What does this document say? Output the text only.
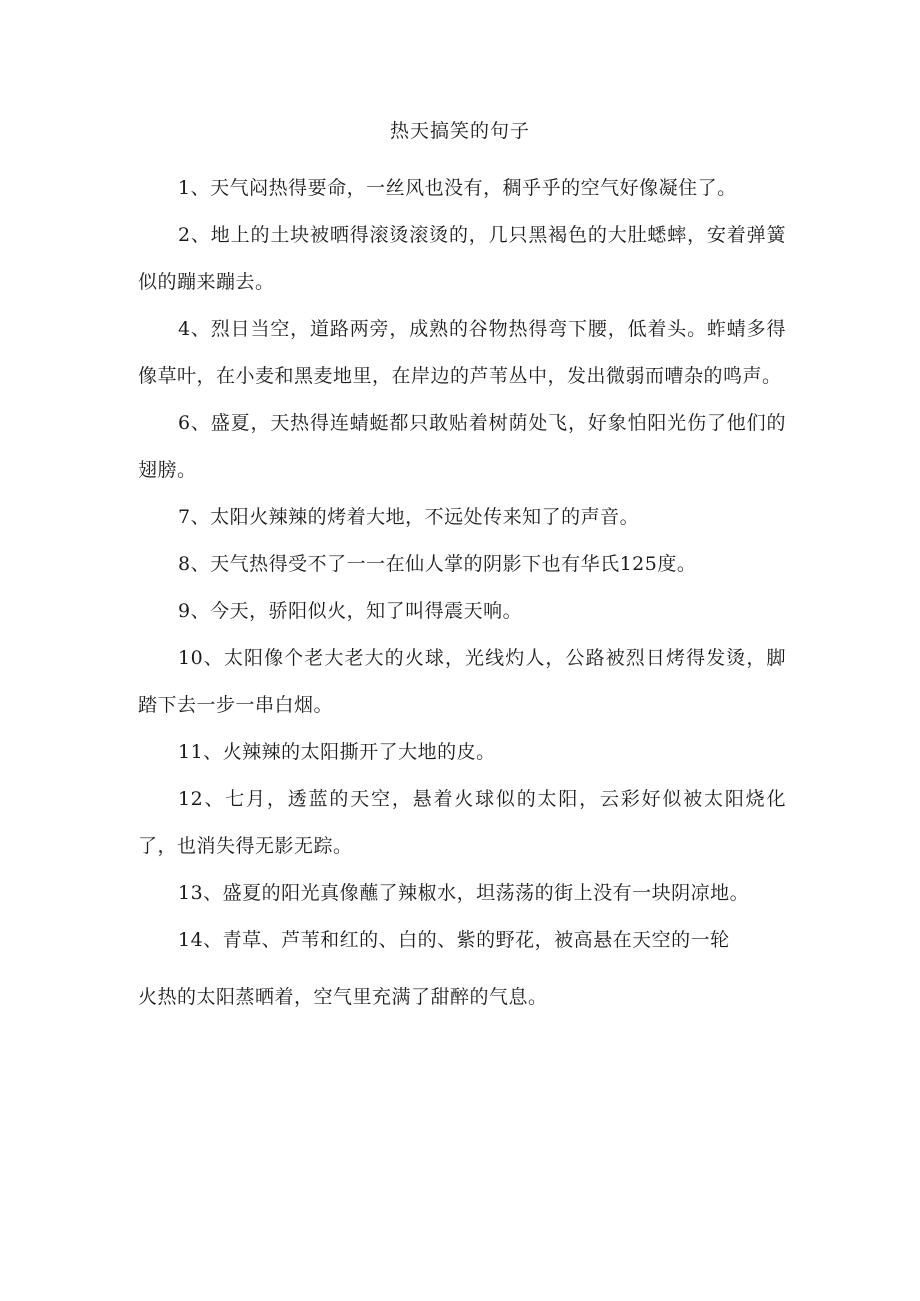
热天搞笑的句子

1、天气闷热得要命，一丝风也没有，稠乎乎的空气好像凝住了。

2、地上的土块被晒得滚烫滚烫的，几只黑褐色的大肚蟋蟀，安着弹簧似的蹦来蹦去。

4、烈日当空，道路两旁，成熟的谷物热得弯下腰，低着头。蚱蜻多得像草叶，在小麦和黑麦地里，在岸边的芦苇丛中，发出微弱而嘈杂的鸣声。

6、盛夏，天热得连蜻蜓都只敢贴着树荫处飞，好象怕阳光伤了他们的翅膀。

7、太阳火辣辣的烤着大地，不远处传来知了的声音。

8、天气热得受不了一一在仙人掌的阴影下也有华氏125度。

9、今天，骄阳似火，知了叫得震天响。

10、太阳像个老大老大的火球，光线灼人，公路被烈日烤得发烫，脚踏下去一步一串白烟。

11、火辣辣的太阳撕开了大地的皮。

12、七月，透蓝的天空，悬着火球似的太阳，云彩好似被太阳烧化了，也消失得无影无踪。

13、盛夏的阳光真像蘸了辣椒水，坦荡荡的街上没有一块阴凉地。

14、青草、芦苇和红的、白的、紫的野花，被高悬在天空的一轮

火热的太阳蒸晒着，空气里充满了甜醉的气息。
